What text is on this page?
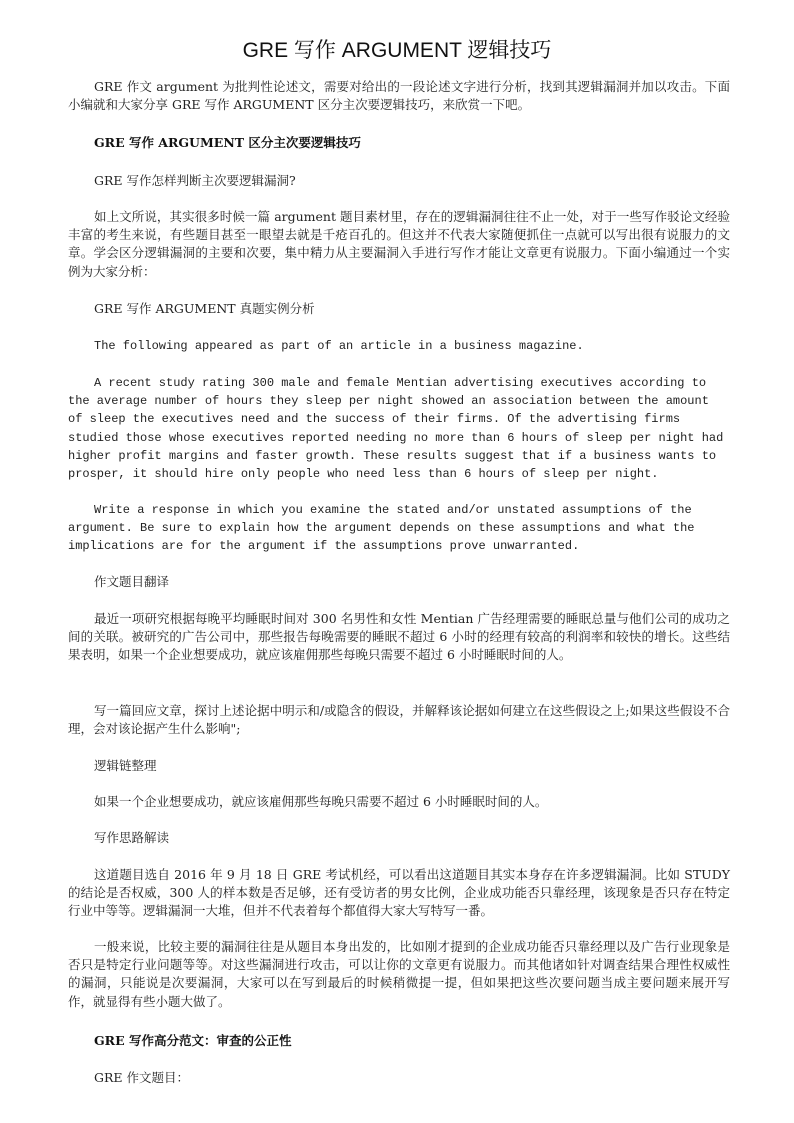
GRE 写作 ARGUMENT 逻辑技巧

GRE 作文 argument 为批判性论述文，需要对给出的一段论述文字进行分析，找到其逻辑漏洞并加以攻击。下面小编就和大家分享 GRE 写作 ARGUMENT 区分主次要逻辑技巧，来欣赏一下吧。

GRE 写作 ARGUMENT 区分主次要逻辑技巧

GRE 写作怎样判断主次要逻辑漏洞?

如上文所说，其实很多时候一篇 argument 题目素材里，存在的逻辑漏洞往往不止一处，对于一些写作驳论文经验丰富的考生来说，有些题目甚至一眼望去就是千疮百孔的。但这并不代表大家随便抓住一点就可以写出很有说服力的文章。学会区分逻辑漏洞的主要和次要，集中精力从主要漏洞入手进行写作才能让文章更有说服力。下面小编通过一个实例为大家分析：

GRE 写作 ARGUMENT 真题实例分析

The following appeared as part of an article in a business magazine.

A recent study rating 300 male and female Mentian advertising executives according to the average number of hours they sleep per night showed an association between the amount of sleep the executives need and the success of their firms. Of the advertising firms studied those whose executives reported needing no more than 6 hours of sleep per night had higher profit margins and faster growth. These results suggest that if a business wants to prosper, it should hire only people who need less than 6 hours of sleep per night.

Write a response in which you examine the stated and/or unstated assumptions of the argument. Be sure to explain how the argument depends on these assumptions and what the implications are for the argument if the assumptions prove unwarranted.

作文题目翻译

最近一项研究根据每晚平均睡眠时间对 300 名男性和女性 Mentian 广告经理需要的睡眠总量与他们公司的成功之间的关联。被研究的广告公司中，那些报告每晚需要的睡眠不超过 6 小时的经理有较高的利润率和较快的增长。这些结果表明，如果一个企业想要成功，就应该雇佣那些每晚只需要不超过 6 小时睡眠时间的人。

写一篇回应文章，探讨上述论据中明示和/或隐含的假设，并解释该论据如何建立在这些假设之上;如果这些假设不合理，会对该论据产生什么影响";

逻辑链整理

如果一个企业想要成功，就应该雇佣那些每晚只需要不超过 6 小时睡眠时间的人。

写作思路解读

这道题目选自 2016 年 9 月 18 日 GRE 考试机经，可以看出这道题目其实本身存在许多逻辑漏洞。比如 STUDY 的结论是否权威，300 人的样本数是否足够，还有受访者的男女比例，企业成功能否只靠经理，该现象是否只存在特定行业中等等。逻辑漏洞一大堆，但并不代表着每个都值得大家大写特写一番。

一般来说，比较主要的漏洞往往是从题目本身出发的，比如刚才提到的企业成功能否只靠经理以及广告行业现象是否只是特定行业问题等等。对这些漏洞进行攻击，可以让你的文章更有说服力。而其他诸如针对调查结果合理性权威性的漏洞，只能说是次要漏洞，大家可以在写到最后的时候稍微提一提，但如果把这些次要问题当成主要问题来展开写作，就显得有些小题大做了。

GRE 写作高分范文：审查的公正性

GRE 作文题目：
